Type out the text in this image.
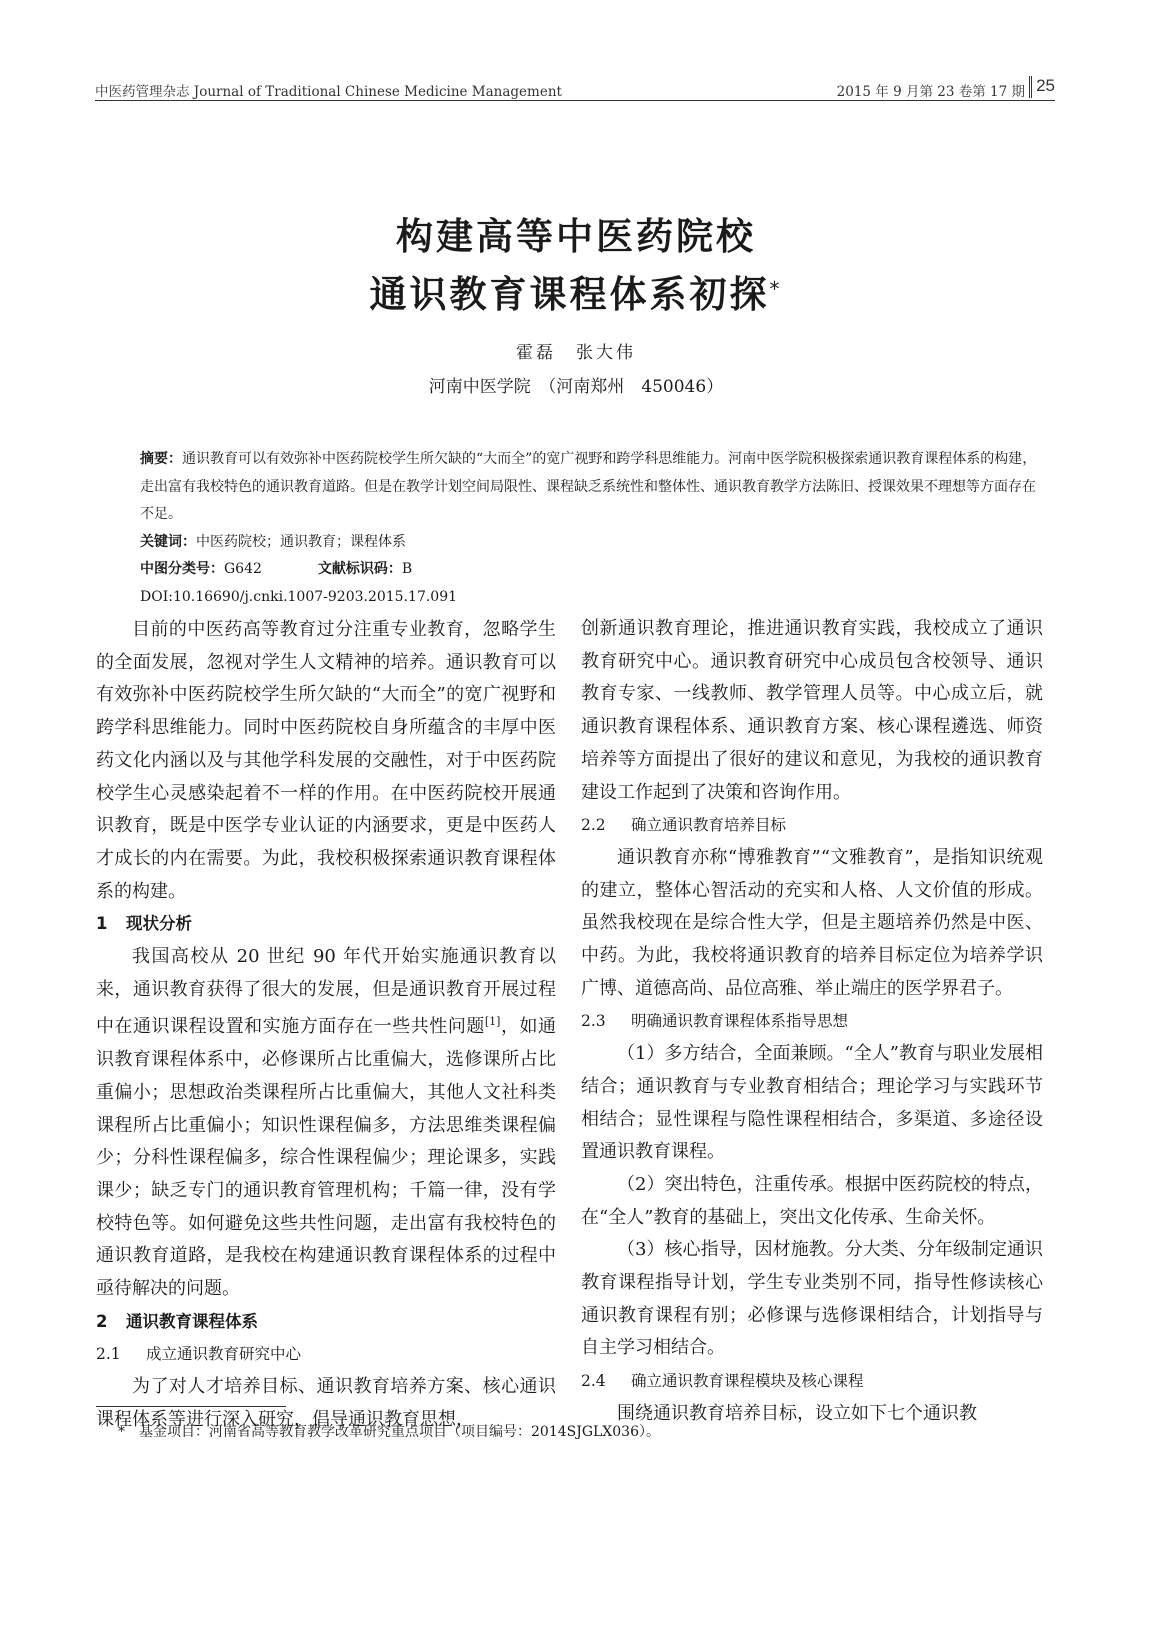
中医药管理杂志 Journal of Traditional Chinese Medicine Management	2015 年 9 月第 23 卷第 17 期 25
构建高等中医药院校
通识教育课程体系初探*
霍磊　张大伟
河南中医学院　（河南郑州　450046）

摘要：通识教育可以有效弥补中医药院校学生所欠缺的“大而全”的宽广视野和跨学科思维能力。河南中医学院积极探索通识教育课程体系的构建，走出富有我校特色的通识教育道路。但是在教学计划空间局限性、课程缺乏系统性和整体性、通识教育教学方法陈旧、授课效果不理想等方面存在不足。

关键词：中医药院校；通识教育；课程体系

中图分类号：G642	文献标识码：B

DOI:10.16690/j.cnki.1007-9203.2015.17.091

目前的中医药高等教育过分注重专业教育，忽略学生的全面发展，忽视对学生人文精神的培养。通识教育可以有效弥补中医药院校学生所欠缺的“大而全”的宽广视野和跨学科思维能力。同时中医药院校自身所蕴含的丰厚中医药文化内涵以及与其他学科发展的交融性，对于中医药院校学生心灵感染起着不一样的作用。在中医药院校开展通识教育，既是中医学专业认证的内涵要求，更是中医药人才成长的内在需要。为此，我校积极探索通识教育课程体系的构建。

1 现状分析

我国高校从 20 世纪 90 年代开始实施通识教育以来，通识教育获得了很大的发展，但是通识教育开展过程中在通识课程设置和实施方面存在一些共性问题[1]，如通识教育课程体系中，必修课所占比重偏大，选修课所占比重偏小；思想政治类课程所占比重偏大，其他人文社科类课程所占比重偏小；知识性课程偏多，方法思维类课程偏少；分科性课程偏多，综合性课程偏少；理论课多，实践课少；缺乏专门的通识教育管理机构；千篇一律，没有学校特色等。如何避免这些共性问题，走出富有我校特色的通识教育道路，是我校在构建通识教育课程体系的过程中亟待解决的问题。

2 通识教育课程体系
2.1 成立通识教育研究中心

为了对人才培养目标、通识教育培养方案、核心通识课程体系等进行深入研究，倡导通识教育思想，

创新通识教育理论，推进通识教育实践，我校成立了通识教育研究中心。通识教育研究中心成员包含校领导、通识教育专家、一线教师、教学管理人员等。中心成立后，就通识教育课程体系、通识教育方案、核心课程遴选、师资培养等方面提出了很好的建议和意见，为我校的通识教育建设工作起到了决策和咨询作用。

2.2 确立通识教育培养目标

通识教育亦称“博雅教育”“文雅教育”，是指知识统观的建立，整体心智活动的充实和人格、人文价值的形成。虽然我校现在是综合性大学，但是主题培养仍然是中医、中药。为此，我校将通识教育的培养目标定位为培养学识广博、道德高尚、品位高雅、举止端庄的医学界君子。

2.3 明确通识教育课程体系指导思想

（1）多方结合，全面兼顾。“全人”教育与职业发展相结合；通识教育与专业教育相结合；理论学习与实践环节相结合；显性课程与隐性课程相结合，多渠道、多途径设置通识教育课程。

（2）突出特色，注重传承。根据中医药院校的特点，在“全人”教育的基础上，突出文化传承、生命关怀。

（3）核心指导，因材施教。分大类、分年级制定通识教育课程指导计划，学生专业类别不同，指导性修读核心通识教育课程有别；必修课与选修课相结合，计划指导与自主学习相结合。

2.4 确立通识教育课程模块及核心课程

围绕通识教育培养目标，设立如下七个通识教

*　基金项目：河南省高等教育教学改革研究重点项目（项目编号：2014SJGLX036）。
